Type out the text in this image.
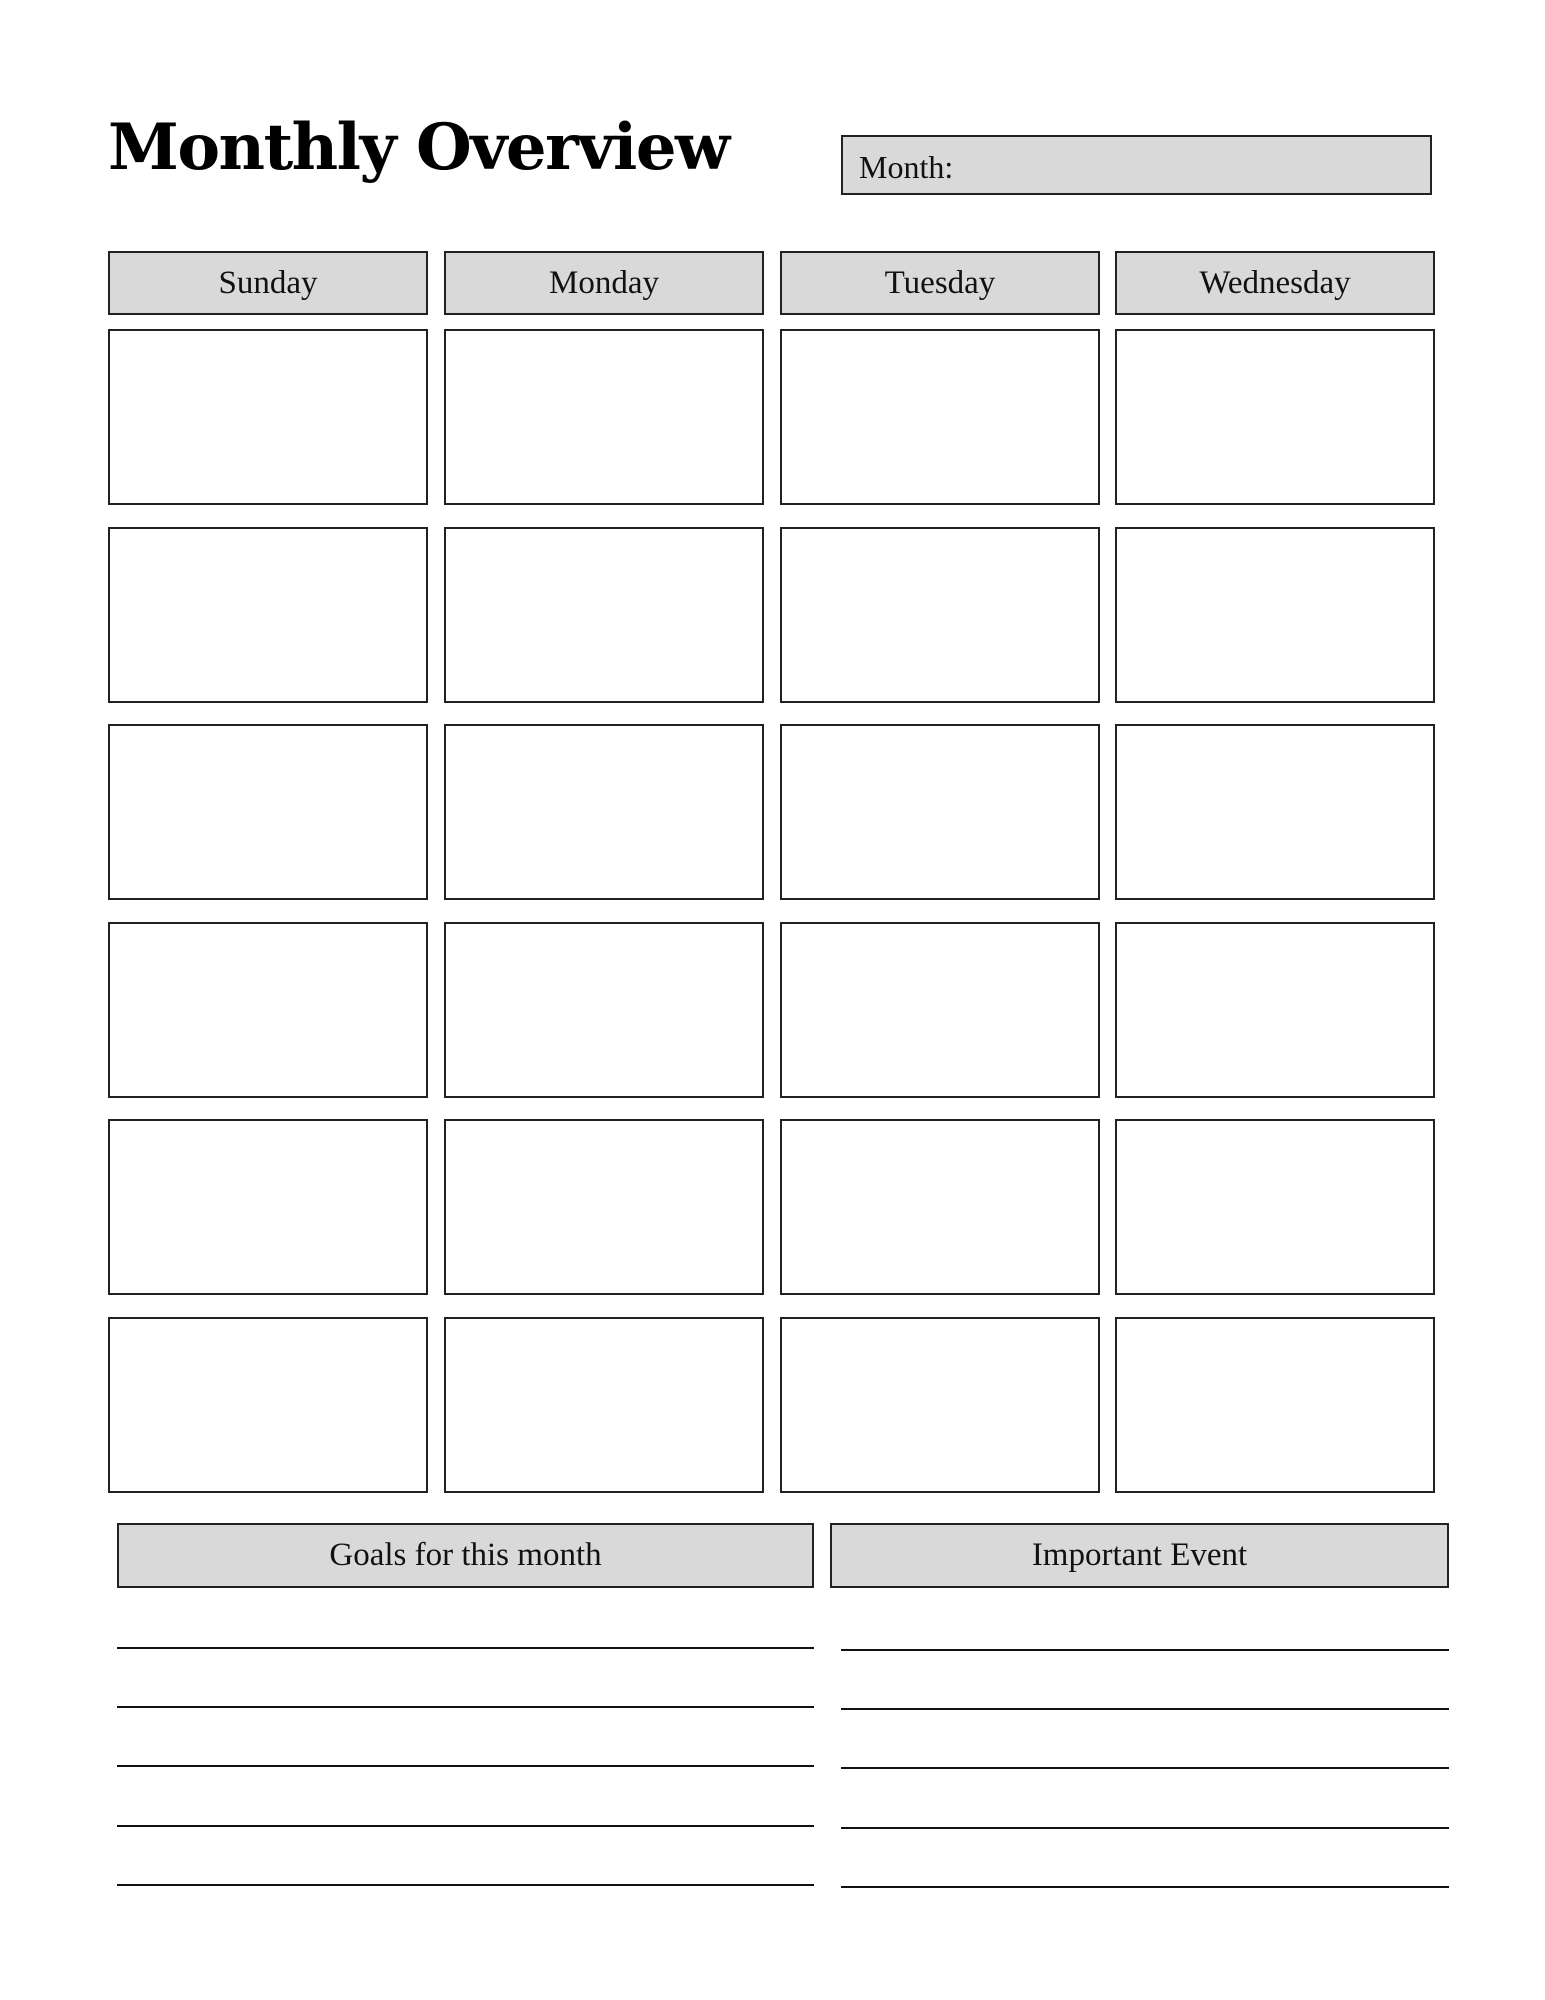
Monthly Overview	Month:
Sunday	Monday	Tuesday	Wednesday
Goals for this month	Important Event
